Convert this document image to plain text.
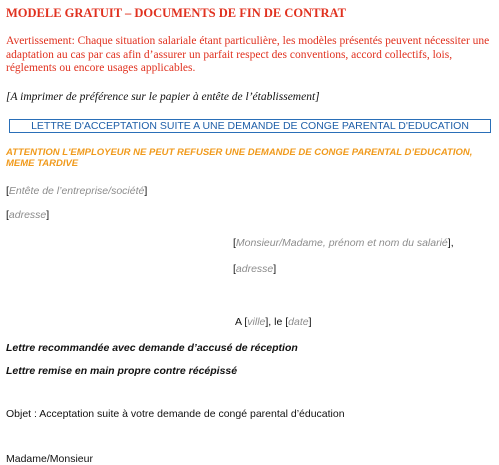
MODELE GRATUIT – DOCUMENTS DE FIN DE CONTRAT

Avertissement: Chaque situation salariale étant particulière, les modèles présentés peuvent nécessiter une adaptation au cas par cas afin d’assurer un parfait respect des conventions, accord collectifs, lois, réglements ou encore usages applicables.

[A imprimer de préférence sur le papier à entête de l’établissement]

LETTRE D'ACCEPTATION SUITE A UNE DEMANDE DE CONGE PARENTAL D'EDUCATION

ATTENTION L'EMPLOYEUR NE PEUT REFUSER UNE DEMANDE DE CONGE PARENTAL D’EDUCATION, MEME TARDIVE

[Entête de l’entreprise/société]

[adresse]

[Monsieur/Madame, prénom et nom du salarié],

[adresse]

A [ville], le [date]

Lettre recommandée avec demande d’accusé de réception

Lettre remise en main propre contre récépissé

Objet : Acceptation suite à votre demande de congé parental d’éducation

Madame/Monsieur
